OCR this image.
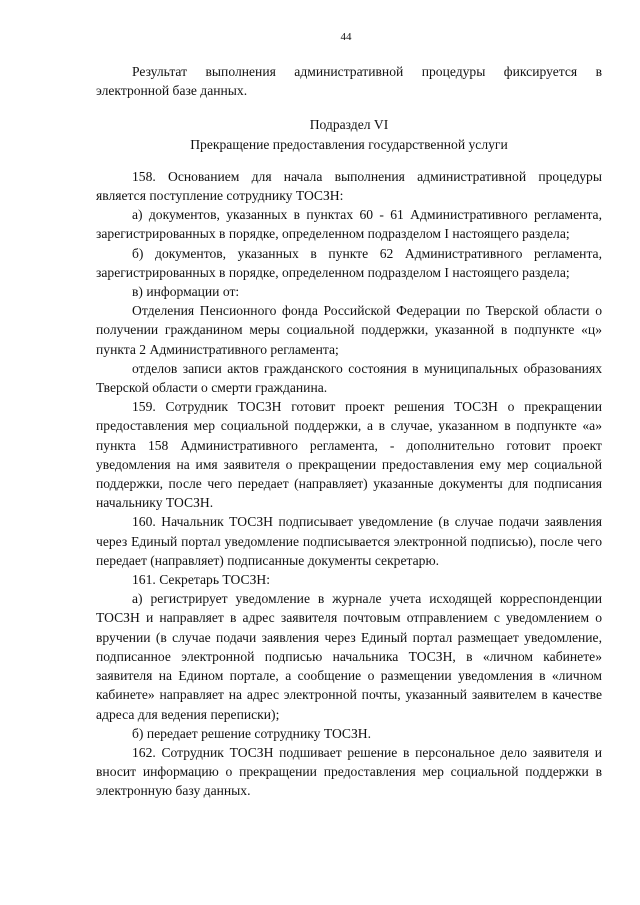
44

Результат выполнения административной процедуры фиксируется в электронной базе данных.

Подраздел VI

Прекращение предоставления государственной услуги

158. Основанием для начала выполнения административной процедуры является поступление сотруднику ТОСЗН:

а) документов, указанных в пунктах 60 - 61 Административного регламента, зарегистрированных в порядке, определенном подразделом I настоящего раздела;

б) документов, указанных в пункте 62 Административного регламента, зарегистрированных в порядке, определенном подразделом I настоящего раздела;

в) информации от:

Отделения Пенсионного фонда Российской Федерации по Тверской области о получении гражданином меры социальной поддержки, указанной в подпункте «ц» пункта 2 Административного регламента;

отделов записи актов гражданского состояния в муниципальных образованиях Тверской области о смерти гражданина.

159. Сотрудник ТОСЗН готовит проект решения ТОСЗН о прекращении предоставления мер социальной поддержки, а в случае, указанном в подпункте «а» пункта 158 Административного регламента, - дополнительно готовит проект уведомления на имя заявителя о прекращении предоставления ему мер социальной поддержки, после чего передает (направляет) указанные документы для подписания начальнику ТОСЗН.

160. Начальник ТОСЗН подписывает уведомление (в случае подачи заявления через Единый портал уведомление подписывается электронной подписью), после чего передает (направляет) подписанные документы секретарю.

161. Секретарь ТОСЗН:

а) регистрирует уведомление в журнале учета исходящей корреспонденции ТОСЗН и направляет в адрес заявителя почтовым отправлением с уведомлением о вручении (в случае подачи заявления через Единый портал размещает уведомление, подписанное электронной подписью начальника ТОСЗН, в «личном кабинете» заявителя на Едином портале, а сообщение о размещении уведомления в «личном кабинете» направляет на адрес электронной почты, указанный заявителем в качестве адреса для ведения переписки);

б) передает решение сотруднику ТОСЗН.

162. Сотрудник ТОСЗН подшивает решение в персональное дело заявителя и вносит информацию о прекращении предоставления мер социальной поддержки в электронную базу данных.
